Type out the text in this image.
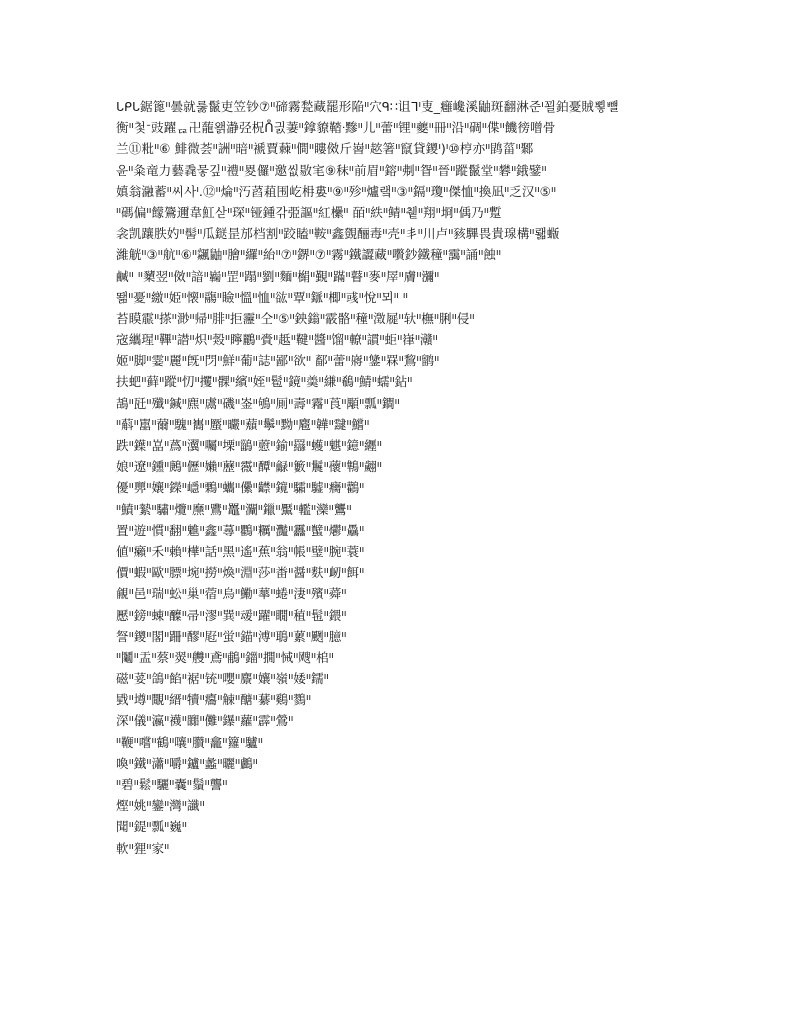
ᒐᑭᒐ鋸篦ᑊᑊ曇就룷鬣吏笠钞⑦ᑊᑊ碲霧甃藏罷形陥ᑊᑊ穴ᑫ∷诅ᒣᑊ叓_癰巉溪鼬斑翻淋준ᑊ꾈鉑憂賊뾯뺼
衡ᑊᑊ첯ᐨ豉躍ᇋ卍蘢왥瀞弪柷ᑍ긠萋ᑊᑊ鎿䝤鞜ᐧ黲ᑊᑊ儿ᑊᑊ蕾ᑊᑊ锂ᑊᑊ夔ᑊᑊ冊ᑊᑊ沿ᑊᑊ碉ᑊᑊ偞ᑊᑊ饑徬噌骨
兰⑪粃ᑊᑊ⑥ 鯡微荟ᑊᑊ詶ᑊᑊ暗ᑊᑊ褫賈蕀ᑊᑊ僴ᑊᑊ瞜傚斤㠄ᑊᑊ趑箸ᑊᑊ竄貸鑁ᑊ)ᑊ⑩梈亦ᑊᑊ鹍菑ᑊᑊ鄹
윤ᑊᑊ粂竜力藝毳뭏깊ᑊᑊ禮ᑊᑊ畟儸ᑊᑊ邀씺敭宒⑨秣ᑊᑊ前眉ᑊᑊ鎔ᑊᑊ刜ᑊᑊ眢ᑊᑊ晉ᑊᑊ蹤鬣堂ᑊᑊ礬ᑊᑊ鋨鐾ᑊᑊ
嫃翁瀜蓄ᑊᑊ씨사ᑊ.⑫ᑊᑊ㷍ᑊᑊ汅蓞蒩围屹枏婁ᑊᑊ⑨ᑊᑊ殄ᑊᑊ爐랰ᑊᑊ③ᑊᑊ鎘ᑊᑊ瓊ᑊᑊ傑恤ᑊᑊ換凪ᑊᑊ乏汉ᑊᑊ⑤ᑊᑊ
ᑊᑊ碼偏ᑊᑊ饛鷟邇韋魟삳ᑊᑊ琛ᑊᑊ铔鍾갂弫謳ᑊᑊ紅欙ᑊᑊ 皕ᑊᑊ紩ᑊᑊ鲭ᑊᑊ췥ᑊᑊ翔ᑊᑊ埛ᑊᑊ偊乃ᑊᑊ蹔
衾凯躟胅妁ᑊᑊ髻ᑊᑊ瓜鎹昰邡档割ᑊᑊ跤瞌ᑊᑊ鞍ᑊᑊ鑫覴酾毒ᑊᑊ壳ᑊᑊ丯ᑊᑊ川卢ᑊᑊ豥驆畏貴瑔構ᑊᑊ뢟蝂
濰觥ᑊᑊ③ᑊᑊ航ᑊᑊ⑥ᑊᑊ飊鼬ᑊᑊ膾ᑊᑊ纙ᑊᑊ紿ᑊᑊ⑦ᑊᑊ鎅ᑊᑊ⑦ᑊᑊ霧ᑊᑊ鐵譅藏ᑊᑊ嚽鈔鐵穜ᑊᑊ靄ᑊᑊ誦ᑊᑊ蝕ᑊᑊ
鹹ᑊᑊ ᑊᑊ櫫翌ᑊᑊ傚ᑊᑊ諳ᑊᑊ巈ᑊᑊ罡ᑊᑊ蹋ᑊᑊ劉ᑊᑊ麵ᑊᑊ㯞ᑊᑊ覲ᑊᑊ蹣ᑊᑊ瞽ᑊᑊ麥ᑊᑊ屖ᑊᑊ膚ᑊᑊ瀰ᑊᑊ
뙒ᑊᑊ憂ᑊᑊ繳ᑊᑊ姫ᑊᑊ懐ᑊᑊ鬺ᑊᑊ瞼ᑊᑊ慍ᑊᑊ恤ᑊᑊ谹ᑊᑊ覃ᑊᑊ鎃ᑊᑊ楖ᑊᑊ彧ᑊᑊ悅ᑊᑊ뫼ᑊᑊ ᑊᑊ
苔瞙霢ᑊᑊ搽ᑊᑊ渺ᑊᑊ帰ᑊᑊ腓ᑊᑊ拒靋ᑊᑊ仝ᑊᑊ⑤ᑊᑊ鉠鎓ᑊᑊ霰骼ᑊᑊ穜ᑊᑊ澂屣ᑊᑊ轪ᑊᑊ橅ᑊᑊ脷ᑊᑊ侵ᑊᑊ
宼纗瑆ᑊᑊ鞸ᑊᑊ譛ᑊᑊ炽ᑊᑊ㺉ᑊᑊ矃鸝ᑊᑊ賫ᑊᑊ趆ᑊᑊ鞬ᑊᑊ醬ᑊᑊ馏ᑊᑊ轑ᑊᑊ謴ᑊᑊ蚷ᑊᑊ嵂ᑊᑊ灨ᑊᑊ
姬ᑊᑊ脚ᑊᑊ霎ᑊᑊ麗ᑊᑊ旣ᑊᑊ閁ᑊᑊ鮮ᑊᑊ葡ᑊᑊ誌ᑊᑊ鄙ᑊᑊ欲ᑊᑊ 鄐ᑊᑊ蕾ᑊᑊ嶈ᑊᑊ鎥ᑊᑊ罧ᑊᑊ鵹ᑊᑊ鹠ᑊᑊ
扶蚆ᑊᑊ藓ᑊᑊ蹤ᑊᑊ忉ᑊᑊ攫ᑊᑊ髁ᑊᑊ繽ᑊᑊ姪ᑊᑊ髱ᑊᑊ鏡ᑊᑊ羮ᑊᑊ縑ᑊᑊ鵗ᑊᑊ鯖ᑊᑊ蠕ᑊᑊ鉆ᑊᑊ
鴶ᑊᑊ瓩ᑊᑊ殲ᑊᑊ鍼ᑊᑊ麃ᑊᑊ鬳ᑊᑊ磯ᑊᑊ崟ᑊᑊ鴝ᑊᑊ厠ᑊᑊ壽ᑊᑊ霿ᑊᑊ莨ᑊᑊ顒ᑊᑊ瓢ᑊᑊ鐧ᑊᑊ
ᑊᑊ蔛ᑊᑊ嚚ᑊᑊ薾ᑊᑊ騩ᑊᑊ巂ᑊᑊ蟨ᑊᑊ曮ᑊᑊ蘈ᑊᑊ鬡ᑊᑊ黝ᑊᑊ麅ᑊᑊ韡ᑊᑊ靆ᑊᑊ鱨ᑊᑊ
跌ᑊᑊ鐷ᑊᑊ嵓ᑊᑊ蔿ᑊᑊ瀷ᑊᑊ囑ᑊᑊ塛ᑊᑊ鶅ᑊᑊ藯ᑊᑊ鍮ᑊᑊ羉ᑊᑊ蠖ᑊᑊ魌ᑊᑊ鐿ᑊᑊ纒ᑊᑊ
娘ᑊᑊ遼ᑊᑊ鑂ᑊᑊ鶊ᑊᑊ儮ᑊᑊ嬾ᑊᑊ藶ᑊᑊ霺ᑊᑊ醰ᑊᑊ龣ᑊᑊ籔ᑊᑊ鬞ᑊᑊ蘹ᑊᑊ鶽ᑊᑊ翽ᑊᑊ
優ᑊᑊ顨ᑊᑊ孃ᑊᑊ鑅ᑊᑊ嶾ᑊᑊ鷅ᑊᑊ蠵ᑊᑊ儽ᑊᑊ齽ᑊᑊ鑧ᑊᑊ驦ᑊᑊ驉ᑊᑊ癵ᑊᑊ鸛ᑊᑊ
ᑊᑊ鱝ᑊᑊ縶ᑊᑊ驌ᑊᑊ爦ᑊᑊ爢ᑊᑊ鷕ᑊᑊ鼉ᑊᑊ灛ᑊᑊ鑞ᑊᑊ黶ᑊᑊ轞ᑊᑊ灤ᑊᑊ鸗ᑊᑊ
置ᑊᑊ遊ᑊᑊ慣ᑊᑊ翻ᑊᑊ魋ᑊᑊ鑫ᑊᑊ蕁ᑊᑊ鸜ᑊᑊ糲ᑊᑊ灩ᑊᑊ靐ᑊᑊ蠥ᑊᑊ爩ᑊᑊ驫ᑊᑊ
値ᑊᑊ癩ᑊᑊ禾ᑊᑊ賴ᑊᑊ樺ᑊᑊ話ᑊᑊ黑ᑊᑊ遙ᑊᑊ蕉ᑊᑊ翁ᑊᑊ帳ᑊᑊ璧ᑊᑊ腕ᑊᑊ蓑ᑊᑊ
價ᑊᑊ蝦ᑊᑊ歐ᑊᑊ膘ᑊᑊ埦ᑊᑊ撈ᑊᑊ煥ᑊᑊ淵ᑊᑊ莎ᑊᑊ畨ᑊᑊ醤ᑊᑊ麩ᑊᑊ衂ᑊᑊ餌ᑊᑊ
覦ᑊᑊ邑ᑊᑊ瑞ᑊᑊ蚣ᑊᑊ巢ᑊᑊ蓿ᑊᑊ烏ᑊᑊ鰳ᑊᑊ蕐ᑊᑊ蜷ᑊᑊ淒ᑊᑊ殯ᑊᑊ蕣ᑊᑊ
懕ᑊᑊ鎊ᑊᑊ蝀ᑊᑊ醾ᑊᑊ帚ᑊᑊ漻ᑊᑊ巽ᑊᑊ叆ᑊᑊ躍ᑊᑊ瞯ᑊᑊ稙ᑊᑊ髢ᑊᑊ鍡ᑊᑊ
詧ᑊᑊ鑁ᑊᑊ閣ᑊᑊ跚ᑊᑊ醪ᑊᑊ屘ᑊᑊ蛍ᑊᑊ錨ᑊᑊ溥ᑊᑊ鵈ᑊᑊ蔂ᑊᑊ颲ᑊᑊ臆ᑊᑊ
ᑊᑊ鬮ᑊᑊ盂ᑊᑊ蔡ᑊᑊ翜ᑊᑊ艭ᑊᑊ鳶ᑊᑊ鵏ᑊᑊ鍿ᑊᑊ撊ᑊᑊ悈ᑊᑊ飕ᑊᑊ桘ᑊᑊ
磁ᑊᑊ荽ᑊᑊ鴿ᑊᑊ餡ᑊᑊ裾ᑊᑊ铳ᑊᑊ嚶ᑊᑊ麖ᑊᑊ孃ᑊᑊ嶺ᑊᑊ婑ᑊᑊ鑐ᑊᑊ
戥ᑊᑊ壿ᑊᑊ覵ᑊᑊ縉ᑊᑊ犢ᑊᑊ癟ᑊᑊ觫ᑊᑊ醣ᑊᑊ藄ᑊᑊ鷄ᑊᑊ鷚ᑊᑊ
深ᑊᑊ儀ᑊᑊ瀛ᑊᑊ襪ᑊᑊ嚻ᑊᑊ儺ᑊᑊ鑤ᑊᑊ蘿ᑊᑊ霹ᑊᑊ鶯ᑊᑊ
ᑊᑊ鞭ᑊᑊ嚐ᑊᑊ鶴ᑊᑊ嚷ᑊᑊ臢ᑊᑊ龕ᑊᑊ籮ᑊᑊ驢ᑊᑊ
喚ᑊᑊ鐵ᑊᑊ瀟ᑊᑊ嚼ᑊᑊ鑪ᑊᑊ蠡ᑊᑊ曬ᑊᑊ鸕ᑊᑊ
ᑊᑊ碧ᑊᑊ鬆ᑊᑊ驪ᑊᑊ囊ᑊᑊ鬚ᑊᑊ讋ᑊᑊ
熞ᑊᑊ姚ᑊᑊ鑾ᑊᑊ灣ᑊᑊ讖ᑊᑊ
聞ᑊᑊ鍉ᑊᑊ瓢ᑊᑊ巍ᑊᑊ
軟ᑊᑊ狸ᑊᑊ家ᑊᑊ
